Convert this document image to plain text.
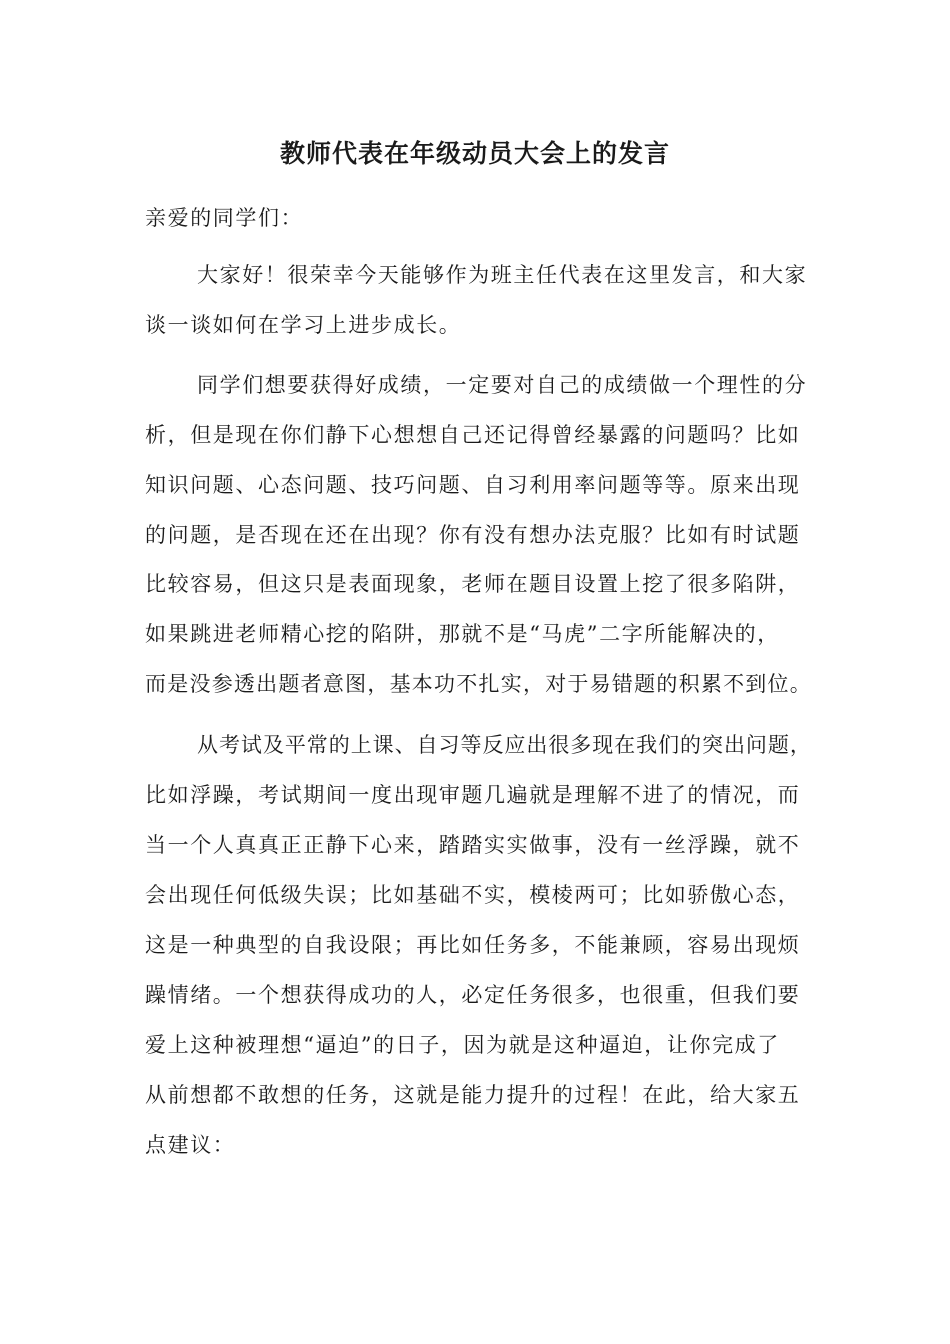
教师代表在年级动员大会上的发言
亲爱的同学们：
大家好！很荣幸今天能够作为班主任代表在这里发言，和大家
谈一谈如何在学习上进步成长。
同学们想要获得好成绩，一定要对自己的成绩做一个理性的分
析，但是现在你们静下心想想自己还记得曾经暴露的问题吗？比如
知识问题、心态问题、技巧问题、自习利用率问题等等。原来出现
的问题，是否现在还在出现？你有没有想办法克服？比如有时试题
比较容易，但这只是表面现象，老师在题目设置上挖了很多陷阱，
如果跳进老师精心挖的陷阱，那就不是“马虎”二字所能解决的，
而是没参透出题者意图，基本功不扎实，对于易错题的积累不到位。
从考试及平常的上课、自习等反应出很多现在我们的突出问题，
比如浮躁，考试期间一度出现审题几遍就是理解不进了的情况，而
当一个人真真正正静下心来，踏踏实实做事，没有一丝浮躁，就不
会出现任何低级失误；比如基础不实，模棱两可；比如骄傲心态，
这是一种典型的自我设限；再比如任务多，不能兼顾，容易出现烦
躁情绪。一个想获得成功的人，必定任务很多，也很重，但我们要
爱上这种被理想“逼迫”的日子，因为就是这种逼迫，让你完成了
从前想都不敢想的任务，这就是能力提升的过程！在此，给大家五
点建议：
